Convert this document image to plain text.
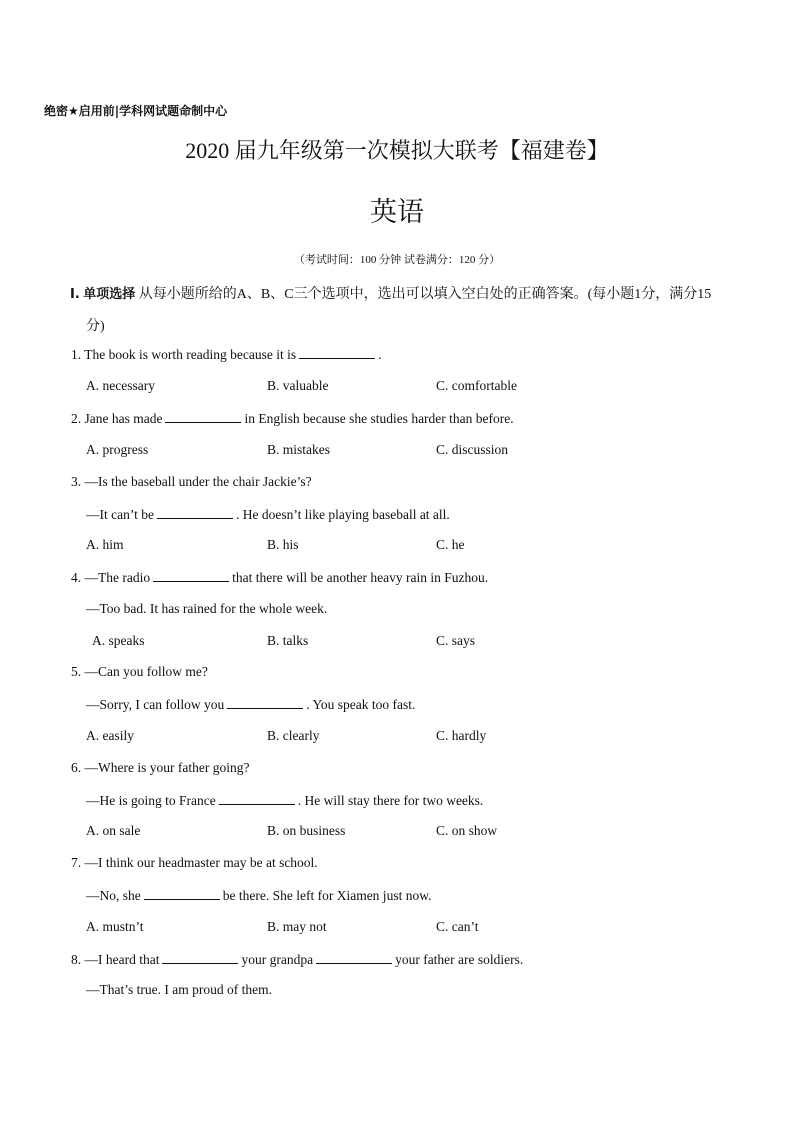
绝密★启用前|学科网试题命制中心
2020 届九年级第一次模拟大联考【福建卷】
英语
（考试时间：100 分钟 试卷满分：120 分）
I. 单项选择 从每小题所给的A、B、C三个选项中，选出可以填入空白处的正确答案。(每小题1分，满分15
分)
1. The book is worth reading because it is	.
A. necessary	B. valuable	C. comfortable
2. Jane has made	in English because she studies harder than before.
A. progress	B. mistakes	C. discussion
3. —Is the baseball under the chair Jackie’s?
—It can’t be	. He doesn’t like playing baseball at all.
A. him	B. his	C. he
4. —The radio	that there will be another heavy rain in Fuzhou.
—Too bad. It has rained for the whole week.
A. speaks	B. talks	C. says
5. —Can you follow me?
—Sorry, I can follow you	. You speak too fast.
A. easily	B. clearly	C. hardly
6. —Where is your father going?
—He is going to France	. He will stay there for two weeks.
A. on sale	B. on business	C. on show
7. —I think our headmaster may be at school.
—No, she	be there. She left for Xiamen just now.
A. mustn’t	B. may not	C. can’t
8. —I heard that	your grandpa	your father are soldiers.
—That’s true. I am proud of them.
